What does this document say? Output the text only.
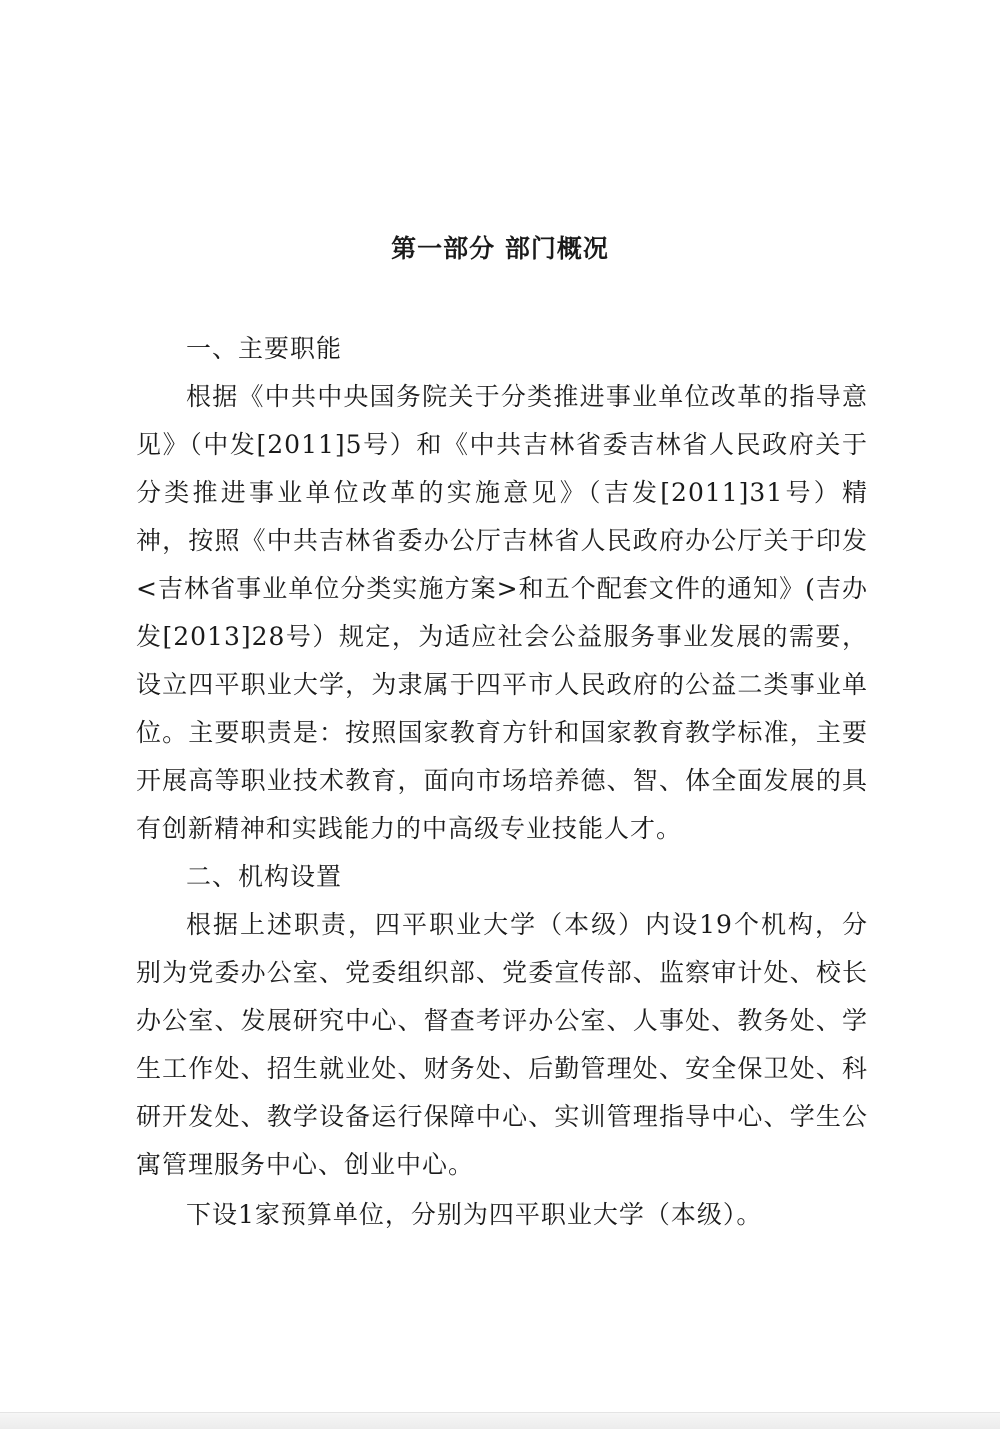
第一部分 部门概况

一、主要职能

根据《中共中央国务院关于分类推进事业单位改革的指导意见》（中发[2011]5号）和《中共吉林省委吉林省人民政府关于分类推进事业单位改革的实施意见》（吉发[2011]31号）精神，按照《中共吉林省委办公厅吉林省人民政府办公厅关于印发<吉林省事业单位分类实施方案>和五个配套文件的通知》(吉办发[2013]28号）规定，为适应社会公益服务事业发展的需要，设立四平职业大学，为隶属于四平市人民政府的公益二类事业单位。主要职责是：按照国家教育方针和国家教育教学标准，主要开展高等职业技术教育，面向市场培养德、智、体全面发展的具有创新精神和实践能力的中高级专业技能人才。

二、机构设置

根据上述职责，四平职业大学（本级）内设19个机构，分别为党委办公室、党委组织部、党委宣传部、监察审计处、校长办公室、发展研究中心、督查考评办公室、人事处、教务处、学生工作处、招生就业处、财务处、后勤管理处、安全保卫处、科研开发处、教学设备运行保障中心、实训管理指导中心、学生公寓管理服务中心、创业中心。

下设1家预算单位，分别为四平职业大学（本级）。
